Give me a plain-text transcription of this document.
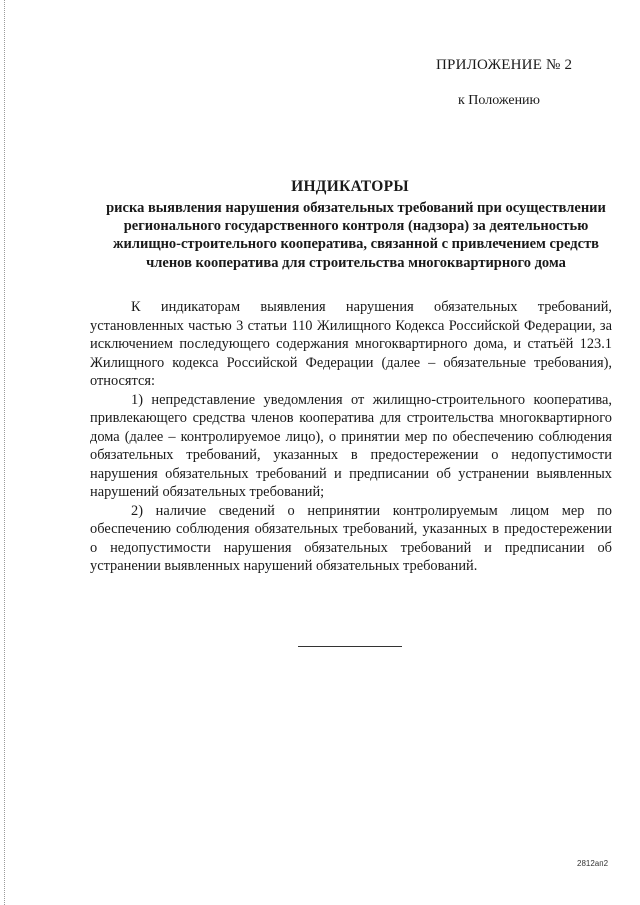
ПРИЛОЖЕНИЕ № 2
к Положению
ИНДИКАТОРЫ
риска выявления нарушения обязательных требований при осуществлении регионального государственного контроля (надзора) за деятельностью жилищно-строительного кооператива, связанной с привлечением средств членов кооператива для строительства многоквартирного дома

К индикаторам выявления нарушения обязательных требований, установленных частью 3 статьи 110 Жилищного Кодекса Российской Федерации, за исключением последующего содержания многоквартирного дома, и статьёй 123.1 Жилищного кодекса Российской Федерации (далее – обязательные требования), относятся:

1) непредставление уведомления от жилищно-строительного кооператива, привлекающего средства членов кооператива для строительства многоквартирного дома (далее – контролируемое лицо), о принятии мер по обеспечению соблюдения обязательных требований, указанных в предостережении о недопустимости нарушения обязательных требований и предписании об устранении выявленных нарушений обязательных требований;

2) наличие сведений о непринятии контролируемым лицом мер по обеспечению соблюдения обязательных требований, указанных в предостережении о недопустимости нарушения обязательных требований и предписании об устранении выявленных нарушений обязательных требований.

2812ап2
